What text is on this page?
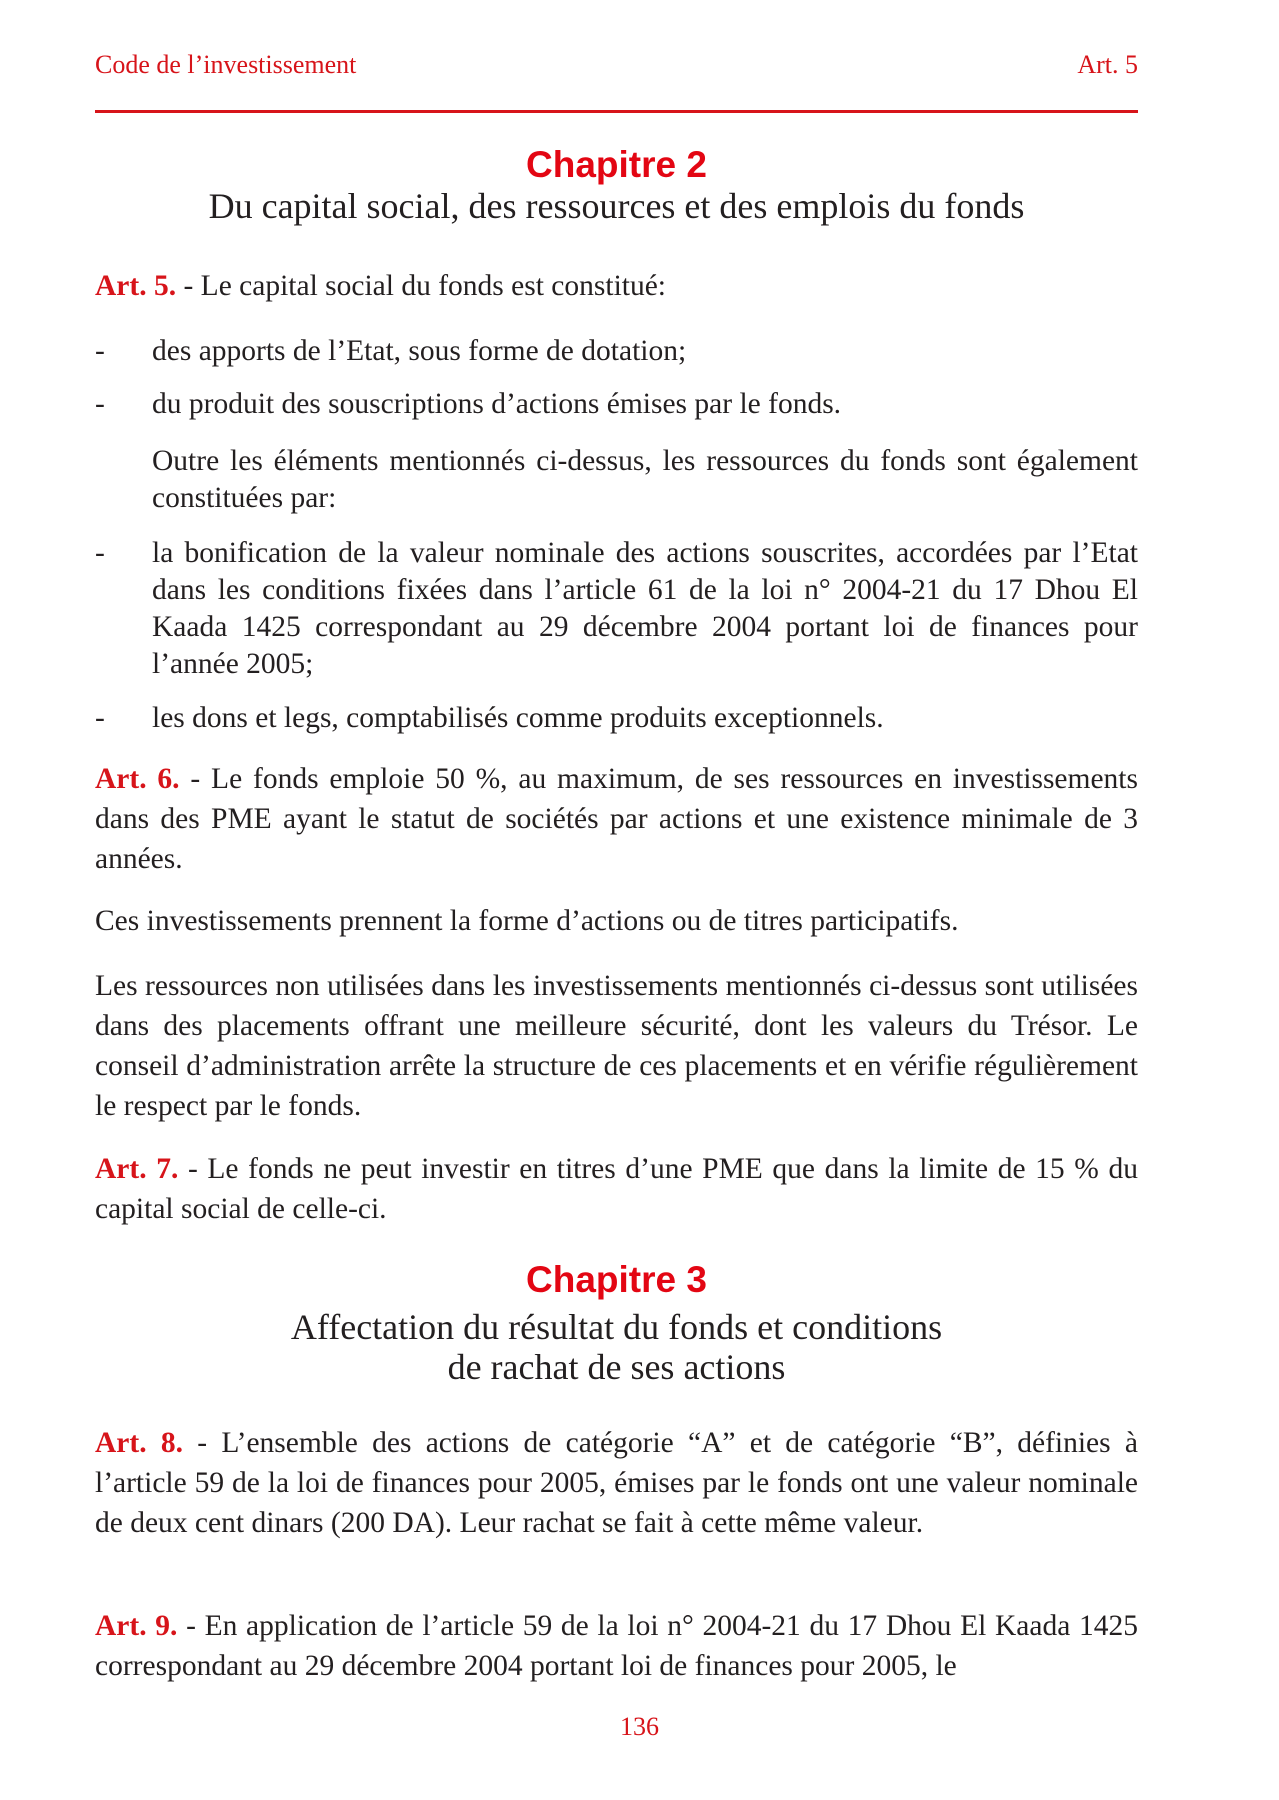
Code de l’investissement	Art. 5
Chapitre 2
Du capital social, des ressources et des emplois du fonds
Art. 5. - Le capital social du fonds est constitué:
- des apports de l’Etat, sous forme de dotation;
- du produit des souscriptions d’actions émises par le fonds.
Outre les éléments mentionnés ci-dessus, les ressources du fonds sont également constituées par:
- la bonification de la valeur nominale des actions souscrites, accordées par l’Etat dans les conditions fixées dans l’article 61 de la loi n° 2004-21 du 17 Dhou El Kaada 1425 correspondant au 29 décembre 2004 portant loi de finances pour l’année 2005;
- les dons et legs, comptabilisés comme produits exceptionnels.
Art. 6. - Le fonds emploie 50 %, au maximum, de ses ressources en investissements dans des PME ayant le statut de sociétés par actions et une existence minimale de 3 années.
Ces investissements prennent la forme d’actions ou de titres participatifs.
Les ressources non utilisées dans les investissements mentionnés ci-dessus sont utilisées dans des placements offrant une meilleure sécurité, dont les valeurs du Trésor. Le conseil d’administration arrête la structure de ces placements et en vérifie régulièrement le respect par le fonds.
Art. 7. - Le fonds ne peut investir en titres d’une PME que dans la limite de 15 % du capital social de celle-ci.
Chapitre 3
Affectation du résultat du fonds et conditions
de rachat de ses actions
Art. 8. - L’ensemble des actions de catégorie “A” et de catégorie “B”, définies à l’article 59 de la loi de finances pour 2005, émises par le fonds ont une valeur nominale de deux cent dinars (200 DA). Leur rachat se fait à cette même valeur.
Art. 9. - En application de l’article 59 de la loi n° 2004-21 du 17 Dhou El Kaada 1425 correspondant au 29 décembre 2004 portant loi de finances pour 2005, le
136
